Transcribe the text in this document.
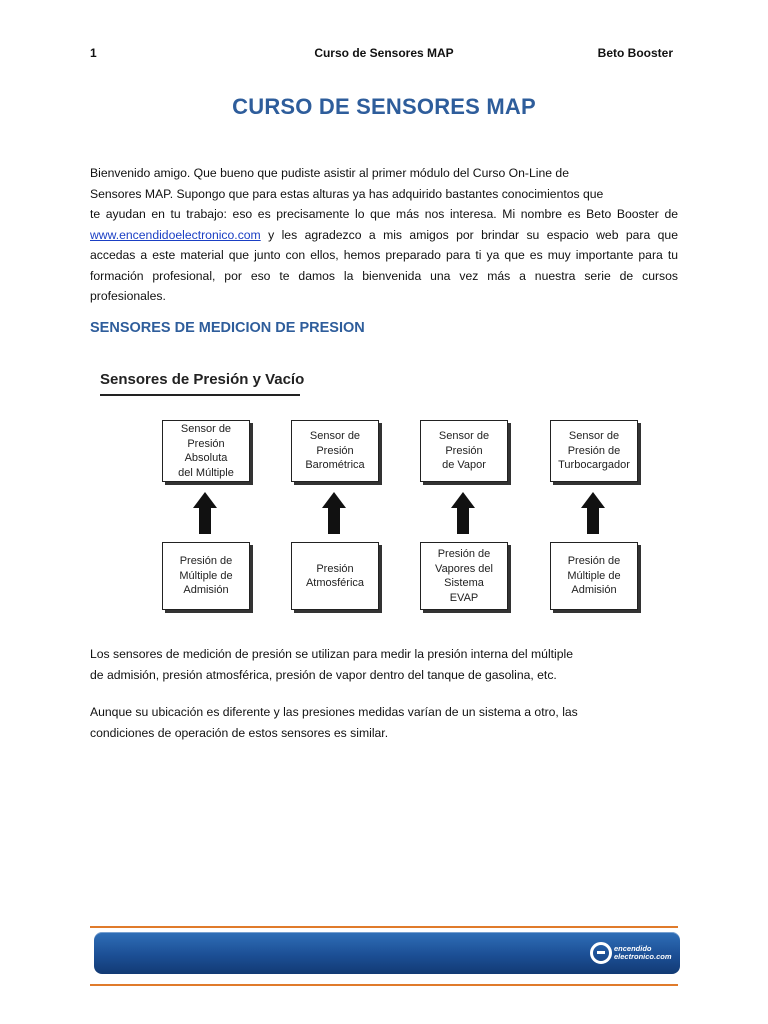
1	Curso de Sensores MAP	Beto Booster
CURSO DE SENSORES MAP
Bienvenido amigo. Que bueno que pudiste asistir al primer módulo del Curso On-Line de
Sensores MAP. Supongo que para estas alturas ya has adquirido bastantes conocimientos que
te ayudan en tu trabajo: eso es precisamente lo que más nos interesa. Mi nombre es Beto Booster de
www.encendidoelectronico.com y les agradezco a mis amigos por brindar su espacio web para que
accedas a este material que junto con ellos, hemos preparado para ti ya que es muy importante para tu
formación profesional, por eso te damos la bienvenida una vez más a nuestra serie de cursos
profesionales.
SENSORES DE MEDICION DE PRESION
Sensores de Presión y Vacío
Sensor de
Presión
Absoluta
del Múltiple
Sensor de
Presión
Barométrica
Sensor de
Presión
de Vapor
Sensor de
Presión de
Turbocargador
Presión de
Múltiple de
Admisión
Presión
Atmosférica
Presión de
Vapores del
Sistema
EVAP
Presión de
Múltiple de
Admisión
Los sensores de medición de presión se utilizan para medir la presión interna del múltiple
de admisión, presión atmosférica, presión de vapor dentro del tanque de gasolina, etc.
Aunque su ubicación es diferente y las presiones medidas varían de un sistema a otro, las
condiciones de operación de estos sensores es similar.
encendido
electronico.com
